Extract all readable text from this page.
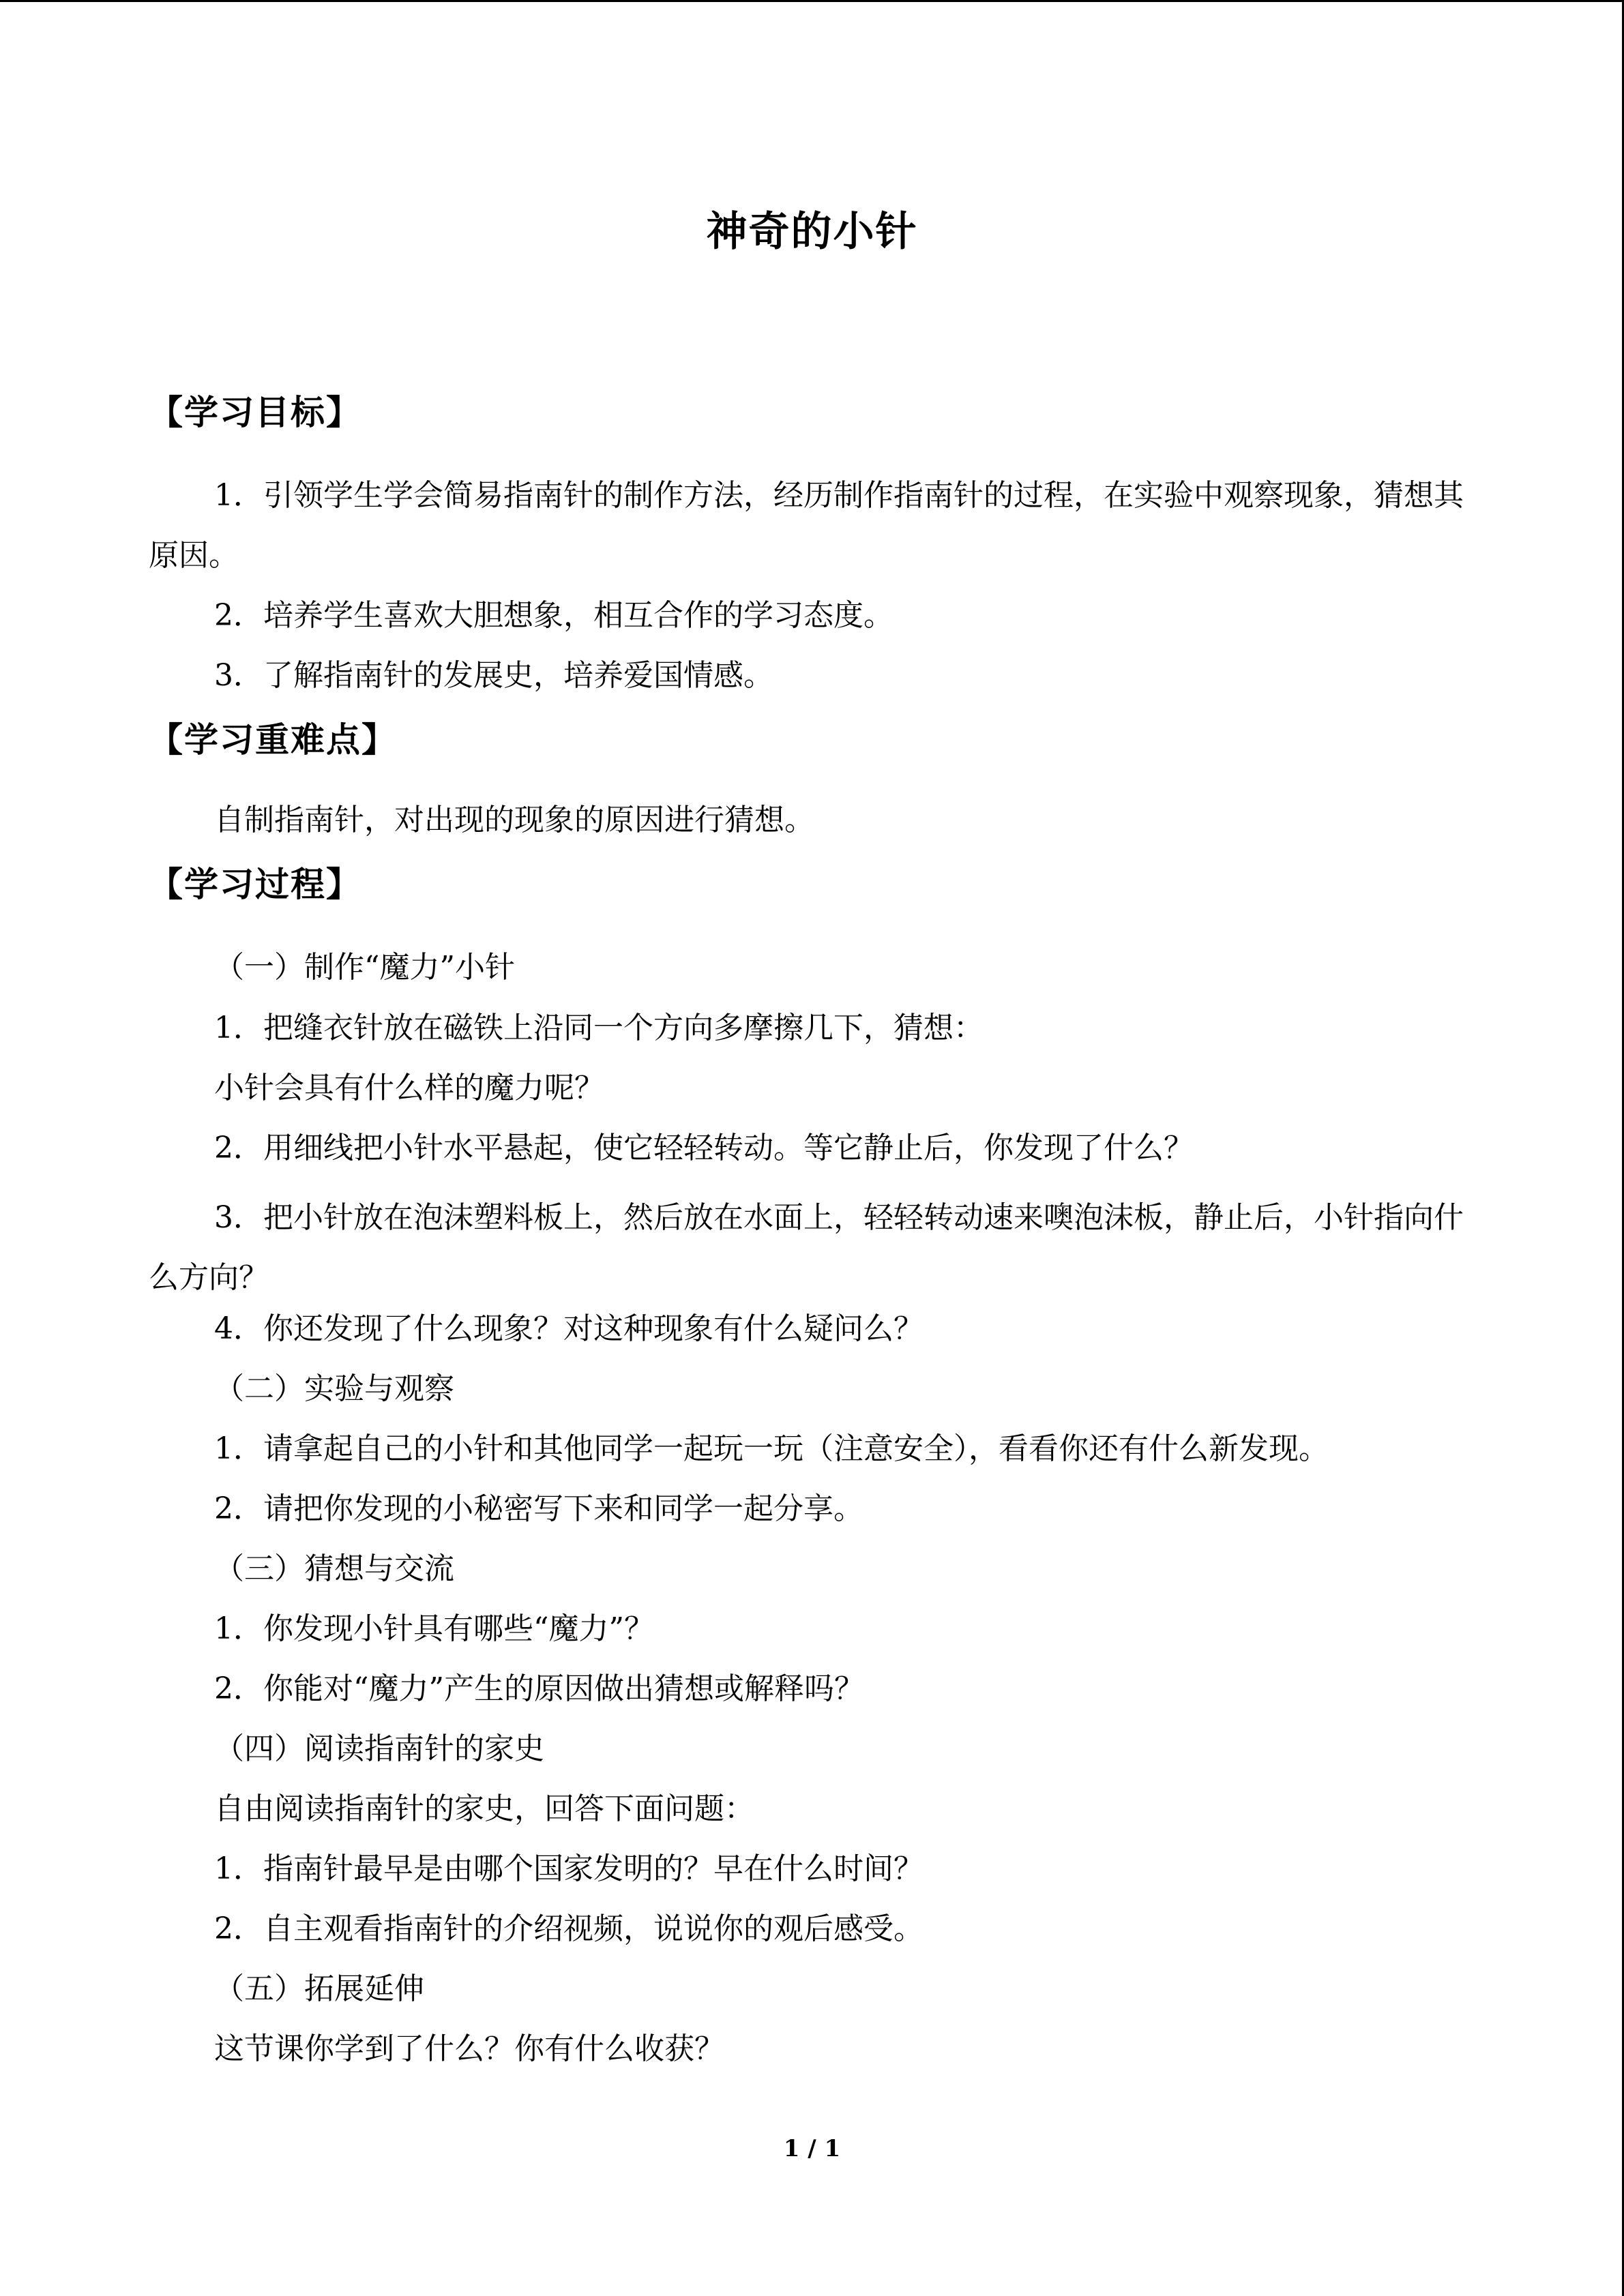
神奇的小针
【学习目标】
1．引领学生学会简易指南针的制作方法，经历制作指南针的过程，在实验中观察现象，猜想其原因。
2．培养学生喜欢大胆想象，相互合作的学习态度。
3．了解指南针的发展史，培养爱国情感。
【学习重难点】
自制指南针，对出现的现象的原因进行猜想。
【学习过程】
（一）制作“魔力”小针
1．把缝衣针放在磁铁上沿同一个方向多摩擦几下，猜想：
小针会具有什么样的魔力呢？
2．用细线把小针水平悬起，使它轻轻转动。等它静止后，你发现了什么？
3．把小针放在泡沫塑料板上，然后放在水面上，轻轻转动速来噢泡沫板，静止后，小针指向什么方向？
4．你还发现了什么现象？对这种现象有什么疑问么？
（二）实验与观察
1．请拿起自己的小针和其他同学一起玩一玩（注意安全），看看你还有什么新发现。
2．请把你发现的小秘密写下来和同学一起分享。
（三）猜想与交流
1．你发现小针具有哪些“魔力”？
2．你能对“魔力”产生的原因做出猜想或解释吗？
（四）阅读指南针的家史
自由阅读指南针的家史，回答下面问题：
1．指南针最早是由哪个国家发明的？早在什么时间？
2．自主观看指南针的介绍视频，说说你的观后感受。
（五）拓展延伸
这节课你学到了什么？你有什么收获？
1 / 1
